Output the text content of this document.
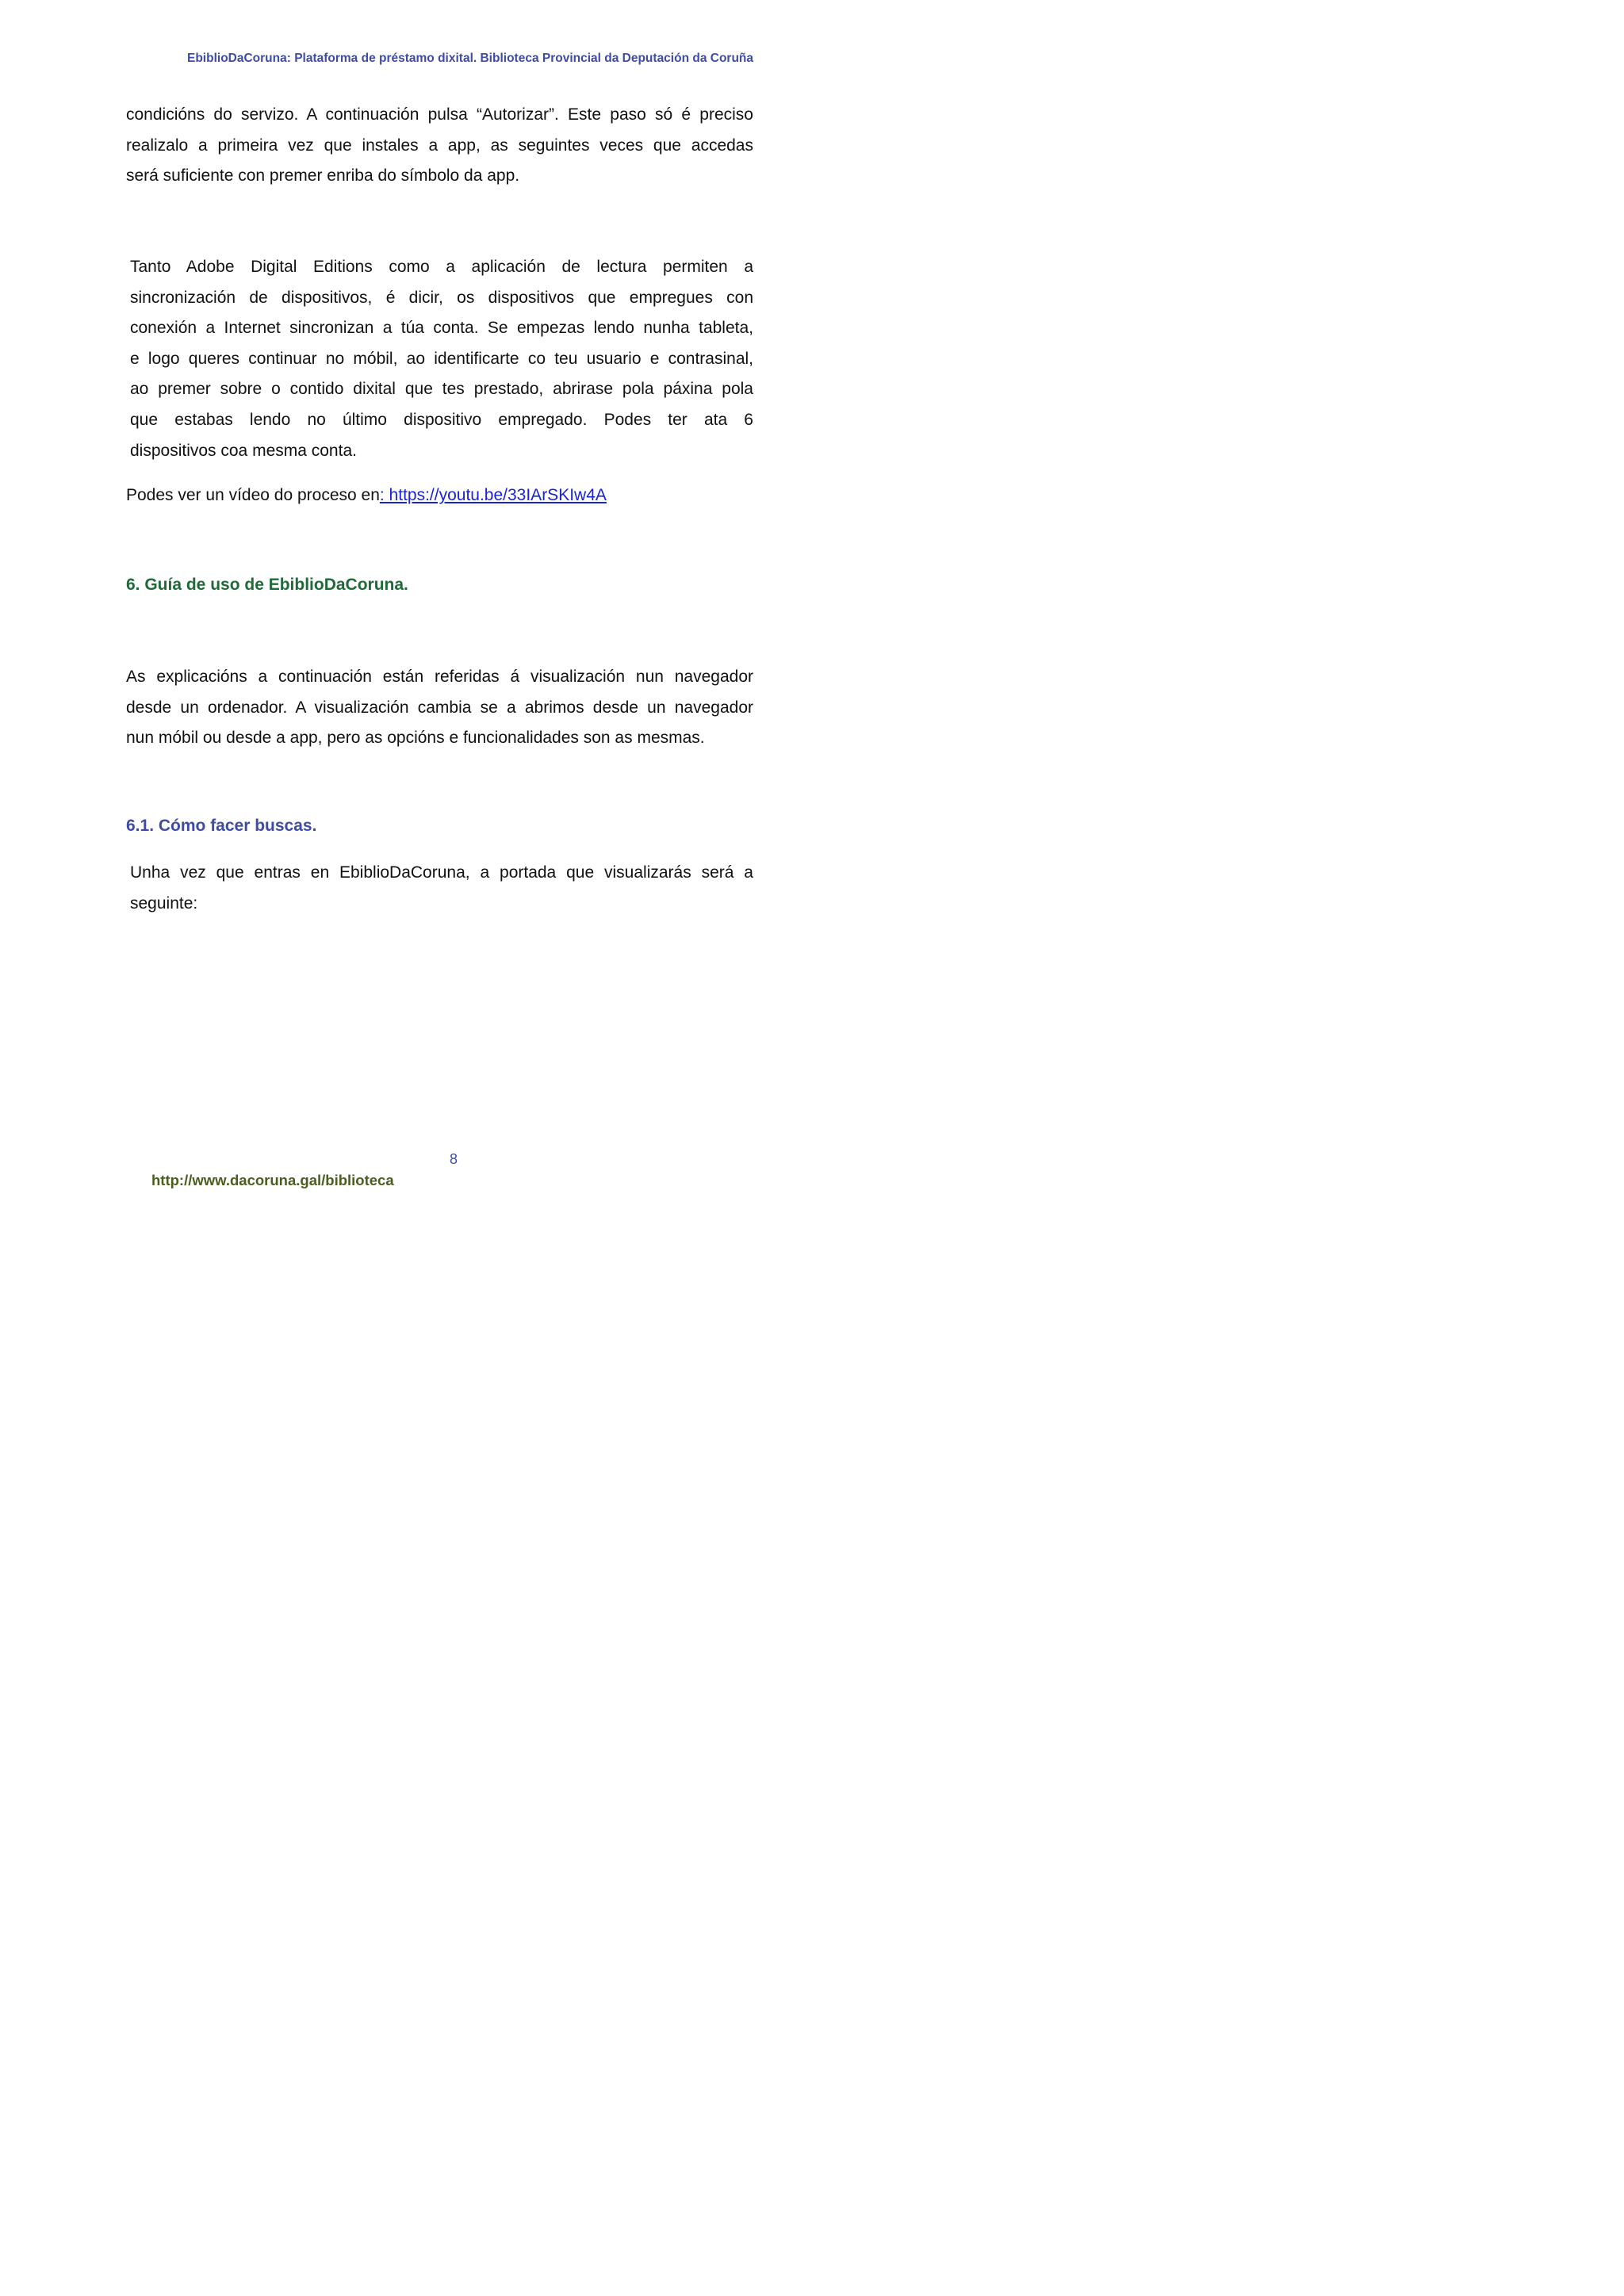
EbiblioDaCoruna: Plataforma de préstamo dixital. Biblioteca Provincial da Deputación da Coruña
condicións do servizo. A continuación pulsa “Autorizar”. Este paso só é preciso
realizalo a primeira vez que instales a app, as seguintes veces que accedas
será suficiente con premer enriba do símbolo da app.
Tanto Adobe Digital Editions como a aplicación de lectura permiten a
sincronización de dispositivos, é dicir, os dispositivos que empregues con
conexión a Internet sincronizan a túa conta. Se empezas lendo nunha tableta,
e logo queres continuar no móbil, ao identificarte co teu usuario e contrasinal,
ao premer sobre o contido dixital que tes prestado, abrirase pola páxina pola
que estabas lendo no último dispositivo empregado. Podes ter ata 6
dispositivos coa mesma conta.
Podes ver un vídeo do proceso en: https://youtu.be/33IArSKIw4A
6. Guía de uso de EbiblioDaCoruna.
As explicacións a continuación están referidas á visualización nun navegador
desde un ordenador. A visualización cambia se a abrimos desde un navegador
nun móbil ou desde a app, pero as opcións e funcionalidades son as mesmas.
6.1. Cómo facer buscas.
Unha vez que entras en EbiblioDaCoruna, a portada que visualizarás será a
seguinte:
8
http://www.dacoruna.gal/biblioteca
